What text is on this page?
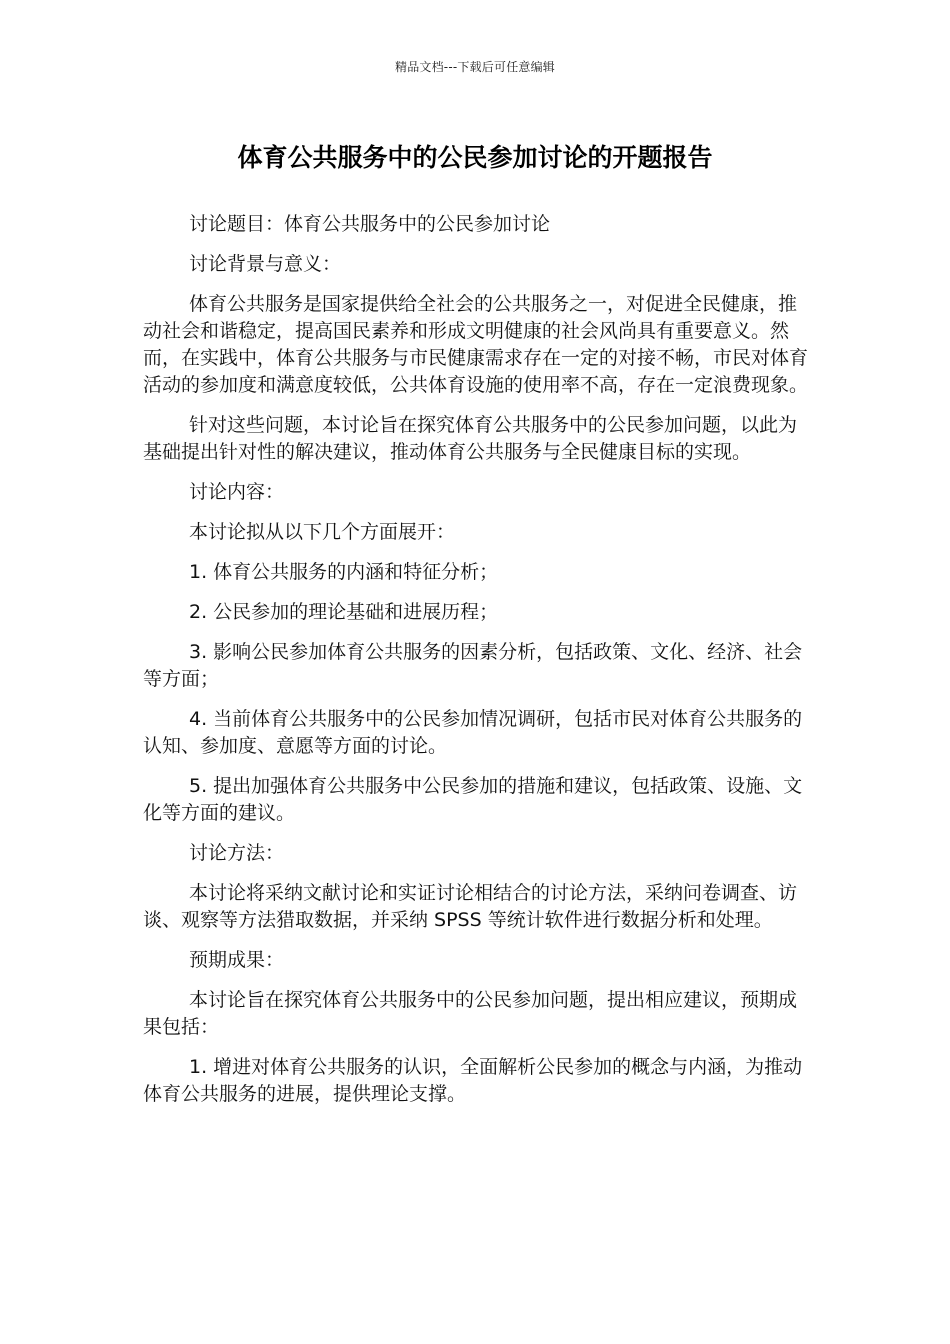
精品文档---下载后可任意编辑
体育公共服务中的公民参加讨论的开题报告

讨论题目：体育公共服务中的公民参加讨论

讨论背景与意义：

体育公共服务是国家提供给全社会的公共服务之一，对促进全民健康，推动社会和谐稳定，提高国民素养和形成文明健康的社会风尚具有重要意义。然而，在实践中，体育公共服务与市民健康需求存在一定的对接不畅，市民对体育活动的参加度和满意度较低，公共体育设施的使用率不高，存在一定浪费现象。

针对这些问题，本讨论旨在探究体育公共服务中的公民参加问题，以此为基础提出针对性的解决建议，推动体育公共服务与全民健康目标的实现。

讨论内容：

本讨论拟从以下几个方面展开：

1. 体育公共服务的内涵和特征分析；

2. 公民参加的理论基础和进展历程；

3. 影响公民参加体育公共服务的因素分析，包括政策、文化、经济、社会等方面；

4. 当前体育公共服务中的公民参加情况调研，包括市民对体育公共服务的认知、参加度、意愿等方面的讨论。

5. 提出加强体育公共服务中公民参加的措施和建议，包括政策、设施、文化等方面的建议。

讨论方法：

本讨论将采纳文献讨论和实证讨论相结合的讨论方法，采纳问卷调查、访谈、观察等方法猎取数据，并采纳 SPSS 等统计软件进行数据分析和处理。

预期成果：

本讨论旨在探究体育公共服务中的公民参加问题，提出相应建议，预期成果包括：

1. 增进对体育公共服务的认识，全面解析公民参加的概念与内涵，为推动体育公共服务的进展，提供理论支撑。
